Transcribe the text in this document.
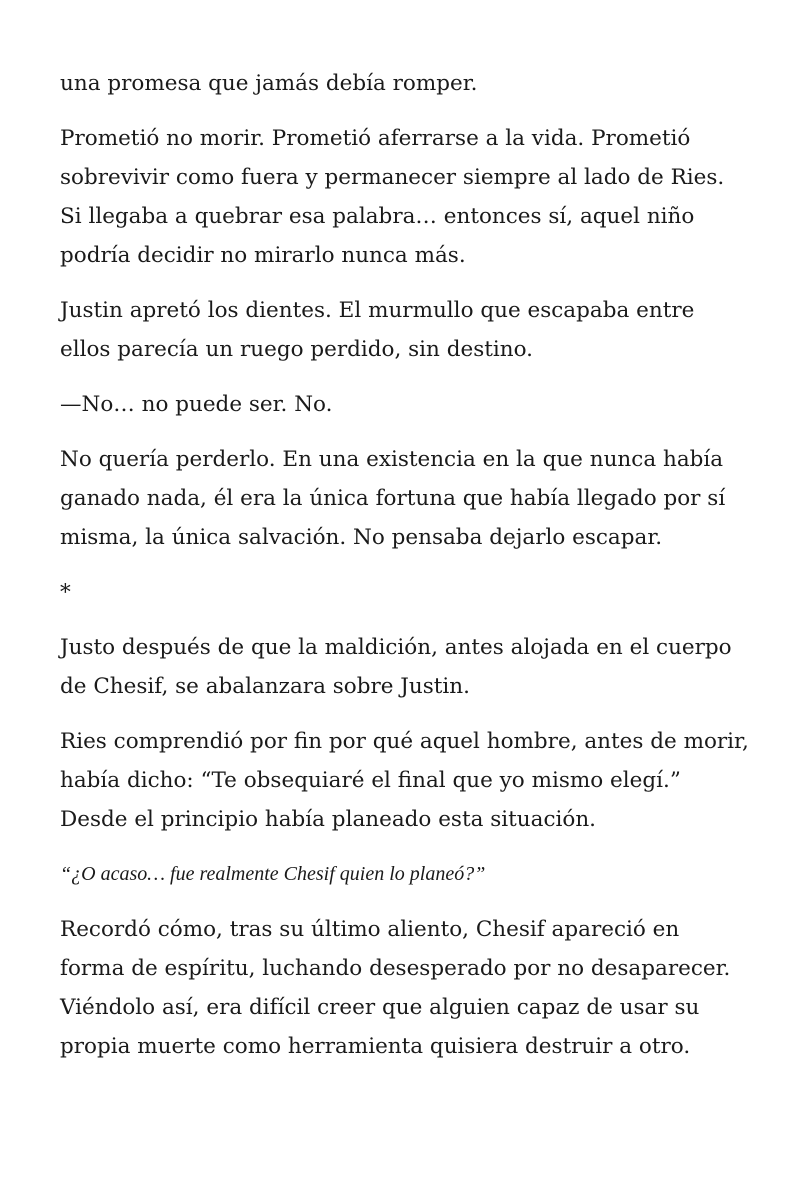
una promesa que jamás debía romper.

Prometió no morir. Prometió aferrarse a la vida. Prometió sobrevivir como fuera y permanecer siempre al lado de Ries. Si llegaba a quebrar esa palabra… entonces sí, aquel niño podría decidir no mirarlo nunca más.

Justin apretó los dientes. El murmullo que escapaba entre ellos parecía un ruego perdido, sin destino.

—No… no puede ser. No.

No quería perderlo. En una existencia en la que nunca había ganado nada, él era la única fortuna que había llegado por sí misma, la única salvación. No pensaba dejarlo escapar.

*

Justo después de que la maldición, antes alojada en el cuerpo de Chesif, se abalanzara sobre Justin.

Ries comprendió por fin por qué aquel hombre, antes de morir, había dicho: “Te obsequiaré el final que yo mismo elegí.” Desde el principio había planeado esta situación.

“¿O acaso… fue realmente Chesif quien lo planeó?”

Recordó cómo, tras su último aliento, Chesif apareció en forma de espíritu, luchando desesperado por no desaparecer. Viéndolo así, era difícil creer que alguien capaz de usar su propia muerte como herramienta quisiera destruir a otro.
